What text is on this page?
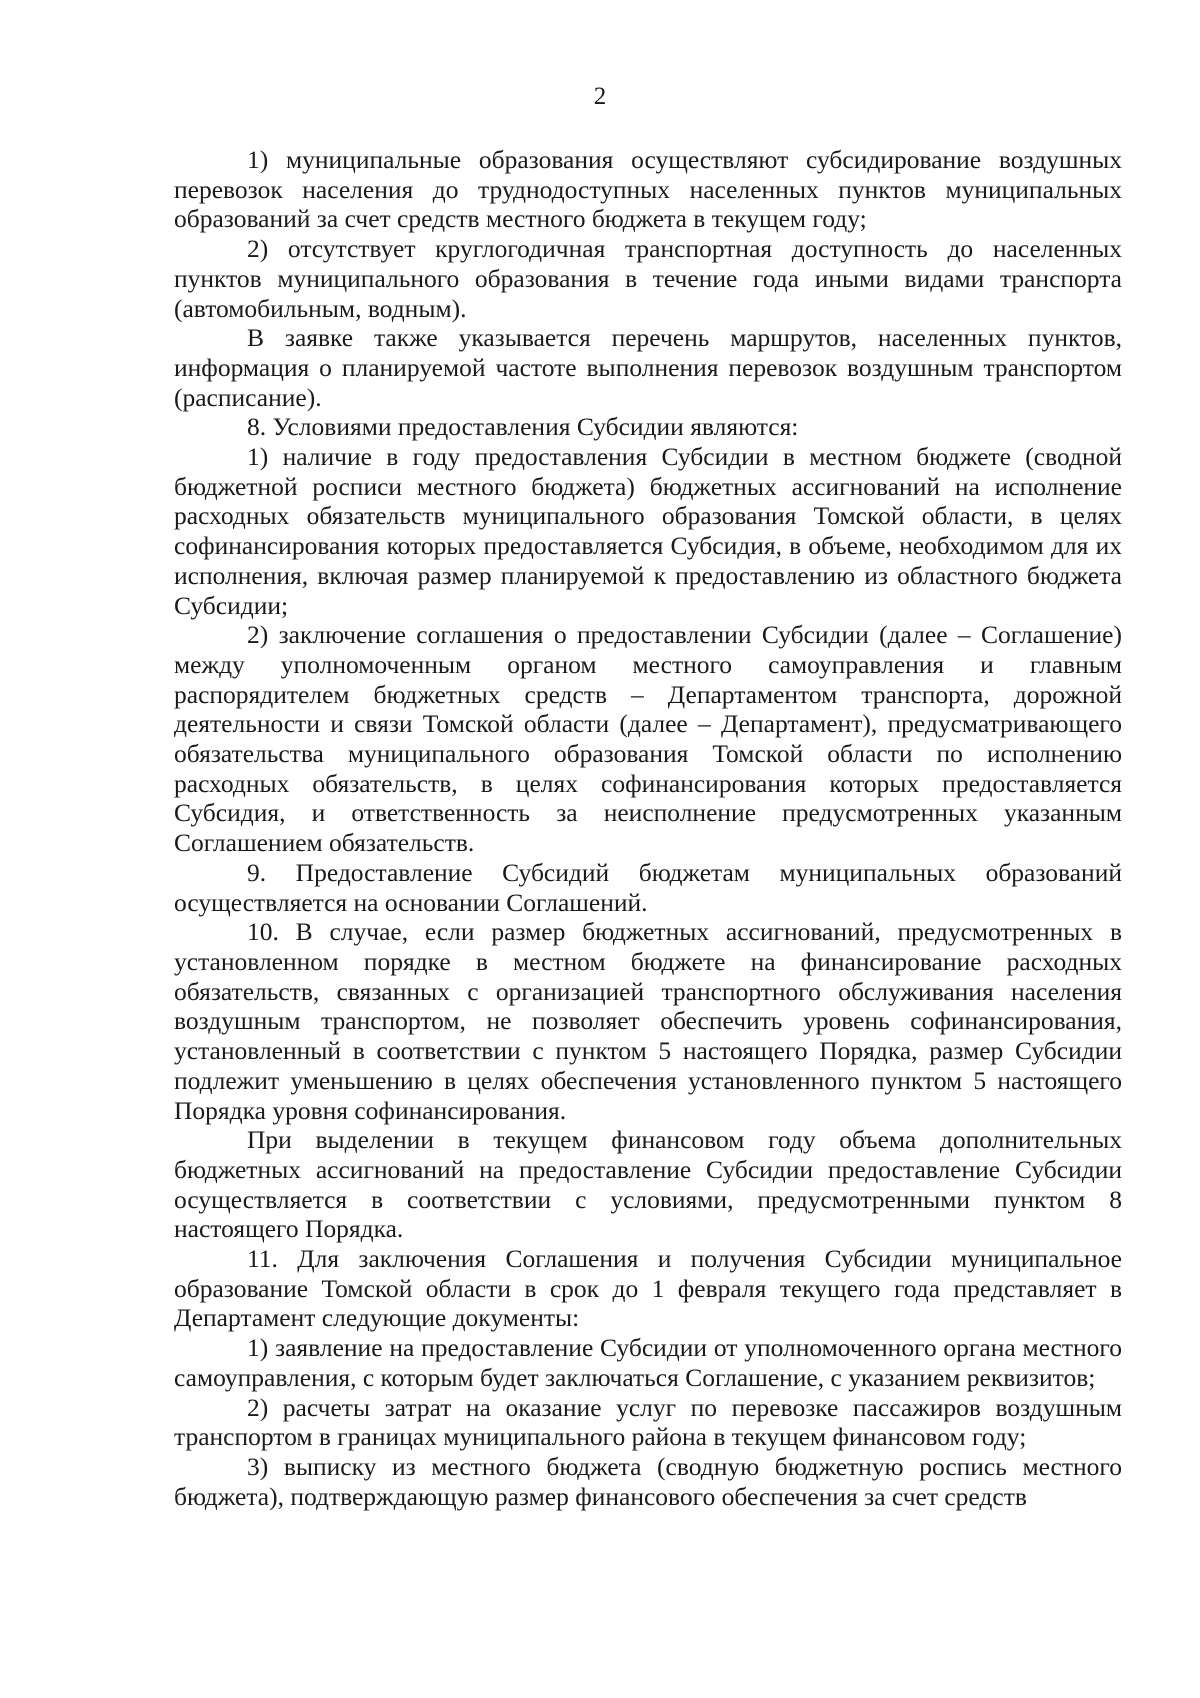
2

1) муниципальные образования осуществляют субсидирование воздушных перевозок населения до труднодоступных населенных пунктов муниципальных образований за счет средств местного бюджета в текущем году;

2) отсутствует круглогодичная транспортная доступность до населенных пунктов муниципального образования в течение года иными видами транспорта (автомобильным, водным).

В заявке также указывается перечень маршрутов, населенных пунктов, информация о планируемой частоте выполнения перевозок воздушным транспортом (расписание).

8. Условиями предоставления Субсидии являются:

1) наличие в году предоставления Субсидии в местном бюджете (сводной бюджетной росписи местного бюджета) бюджетных ассигнований на исполнение расходных обязательств муниципального образования Томской области, в целях софинансирования которых предоставляется Субсидия, в объеме, необходимом для их исполнения, включая размер планируемой к предоставлению из областного бюджета Субсидии;

2) заключение соглашения о предоставлении Субсидии (далее – Соглашение) между уполномоченным органом местного самоуправления и главным распорядителем бюджетных средств – Департаментом транспорта, дорожной деятельности и связи Томской области (далее – Департамент), предусматривающего обязательства муниципального образования Томской области по исполнению расходных обязательств, в целях софинансирования которых предоставляется Субсидия, и ответственность за неисполнение предусмотренных указанным Соглашением обязательств.

9. Предоставление Субсидий бюджетам муниципальных образований осуществляется на основании Соглашений.

10. В случае, если размер бюджетных ассигнований, предусмотренных в установленном порядке в местном бюджете на финансирование расходных обязательств, связанных с организацией транспортного обслуживания населения воздушным транспортом, не позволяет обеспечить уровень софинансирования, установленный в соответствии с пунктом 5 настоящего Порядка, размер Субсидии подлежит уменьшению в целях обеспечения установленного пунктом 5 настоящего Порядка уровня софинансирования.

При выделении в текущем финансовом году объема дополнительных бюджетных ассигнований на предоставление Субсидии предоставление Субсидии осуществляется в соответствии с условиями, предусмотренными пунктом 8 настоящего Порядка.

11. Для заключения Соглашения и получения Субсидии муниципальное образование Томской области в срок до 1 февраля текущего года представляет в Департамент следующие документы:

1) заявление на предоставление Субсидии от уполномоченного органа местного самоуправления, с которым будет заключаться Соглашение, с указанием реквизитов;

2) расчеты затрат на оказание услуг по перевозке пассажиров воздушным транспортом в границах муниципального района в текущем финансовом году;

3) выписку из местного бюджета (сводную бюджетную роспись местного бюджета), подтверждающую размер финансового обеспечения за счет средств
